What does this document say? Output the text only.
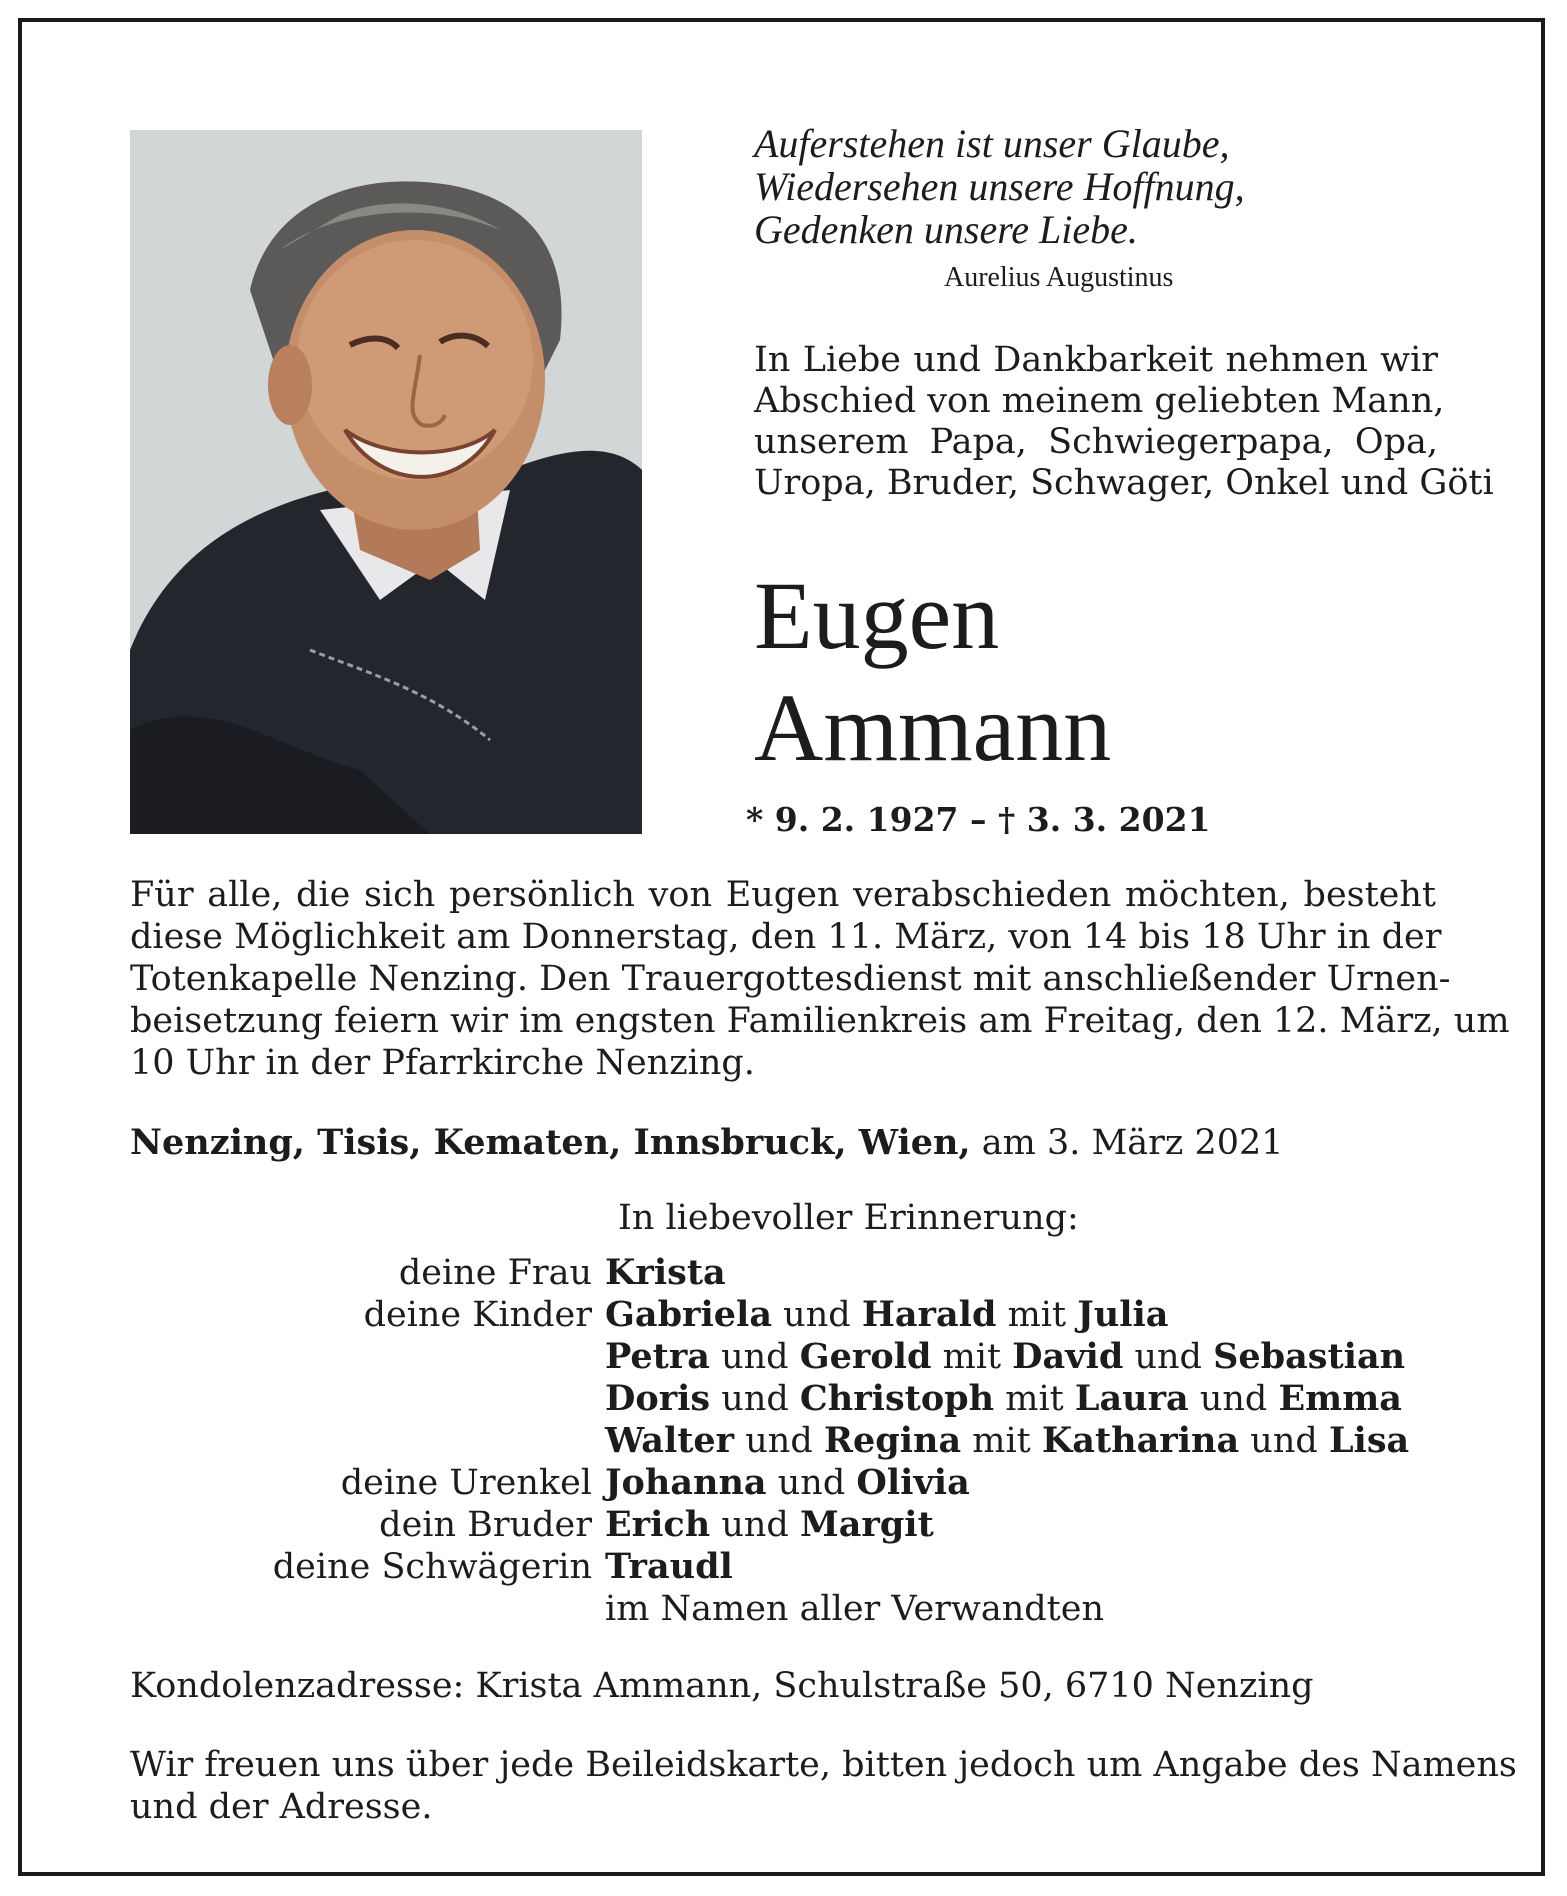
Auferstehen ist unser Glaube,
Wiedersehen unsere Hoffnung,
Gedenken unsere Liebe.
Aurelius Augustinus
In Liebe und Dankbarkeit nehmen wir
Abschied von meinem geliebten Mann,
unserem Papa, Schwiegerpapa, Opa,
Uropa, Bruder, Schwager, Onkel und Göti
Eugen
Ammann
* 9. 2. 1927 – † 3. 3. 2021
Für alle, die sich persönlich von Eugen verabschieden möchten, besteht
diese Möglichkeit am Donnerstag, den 11. März, von 14 bis 18 Uhr in der
Totenkapelle Nenzing. Den Trauergottesdienst mit anschließender Urnen-
beisetzung feiern wir im engsten Familienkreis am Freitag, den 12. März, um
10 Uhr in der Pfarrkirche Nenzing.
Nenzing, Tisis, Kematen, Innsbruck, Wien, am 3. März 2021
In liebevoller Erinnerung:
deine Frau Krista
deine Kinder Gabriela und Harald mit Julia
Petra und Gerold mit David und Sebastian
Doris und Christoph mit Laura und Emma
Walter und Regina mit Katharina und Lisa
deine Urenkel Johanna und Olivia
dein Bruder Erich und Margit
deine Schwägerin Traudl
im Namen aller Verwandten
Kondolenzadresse: Krista Ammann, Schulstraße 50, 6710 Nenzing
Wir freuen uns über jede Beileidskarte, bitten jedoch um Angabe des Namens
und der Adresse.
